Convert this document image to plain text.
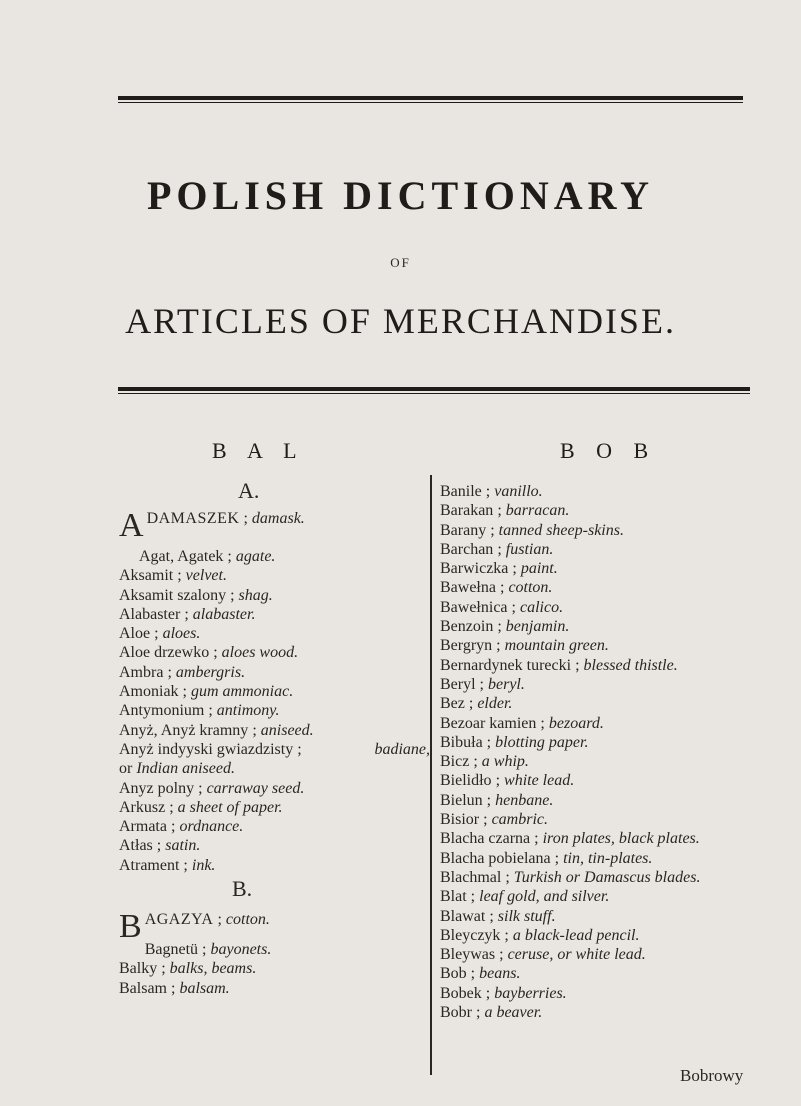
POLISH DICTIONARY
OF
ARTICLES OF MERCHANDISE.
B A L	B O B
A.
ADAMASZEK ; damask.
Agat, Agatek ; agate.
Aksamit ; velvet.
Aksamit szalony ; shag.
Alabaster ; alabaster.
Aloe ; aloes.
Aloe drzewko ; aloes wood.
Ambra ; ambergris.
Amoniak ; gum ammoniac.
Antymonium ; antimony.
Anyż, Anyż kramny ; aniseed.
Anyż indyyski gwiazdzisty ;	badiane,
or Indian aniseed.
Anyz polny ; carraway seed.
Arkusz ; a sheet of paper.
Armata ; ordnance.
Atłas ; satin.
Atrament ; ink.
B.
BAGAZYA ; cotton.
Bagnetü ; bayonets.
Balky ; balks, beams.
Balsam ; balsam.
Banile ; vanillo.
Barakan ; barracan.
Barany ; tanned sheep-skins.
Barchan ; fustian.
Barwiczka ; paint.
Bawełna ; cotton.
Bawełnica ; calico.
Benzoin ; benjamin.
Bergryn ; mountain green.
Bernardynek turecki ; blessed thistle.
Beryl ; beryl.
Bez ; elder.
Bezoar kamien ; bezoard.
Bibuła ; blotting paper.
Bicz ; a whip.
Bielidło ; white lead.
Bielun ; henbane.
Bisior ; cambric.
Blacha czarna ; iron plates, black plates.
Blacha pobielana ; tin, tin-plates.
Blachmal ; Turkish or Damascus blades.
Blat ; leaf gold, and silver.
Blawat ; silk stuff.
Bleyczyk ; a black-lead pencil.
Bleywas ; ceruse, or white lead.
Bob ; beans.
Bobek ; bayberries.
Bobr ; a beaver.
Bobrowy
